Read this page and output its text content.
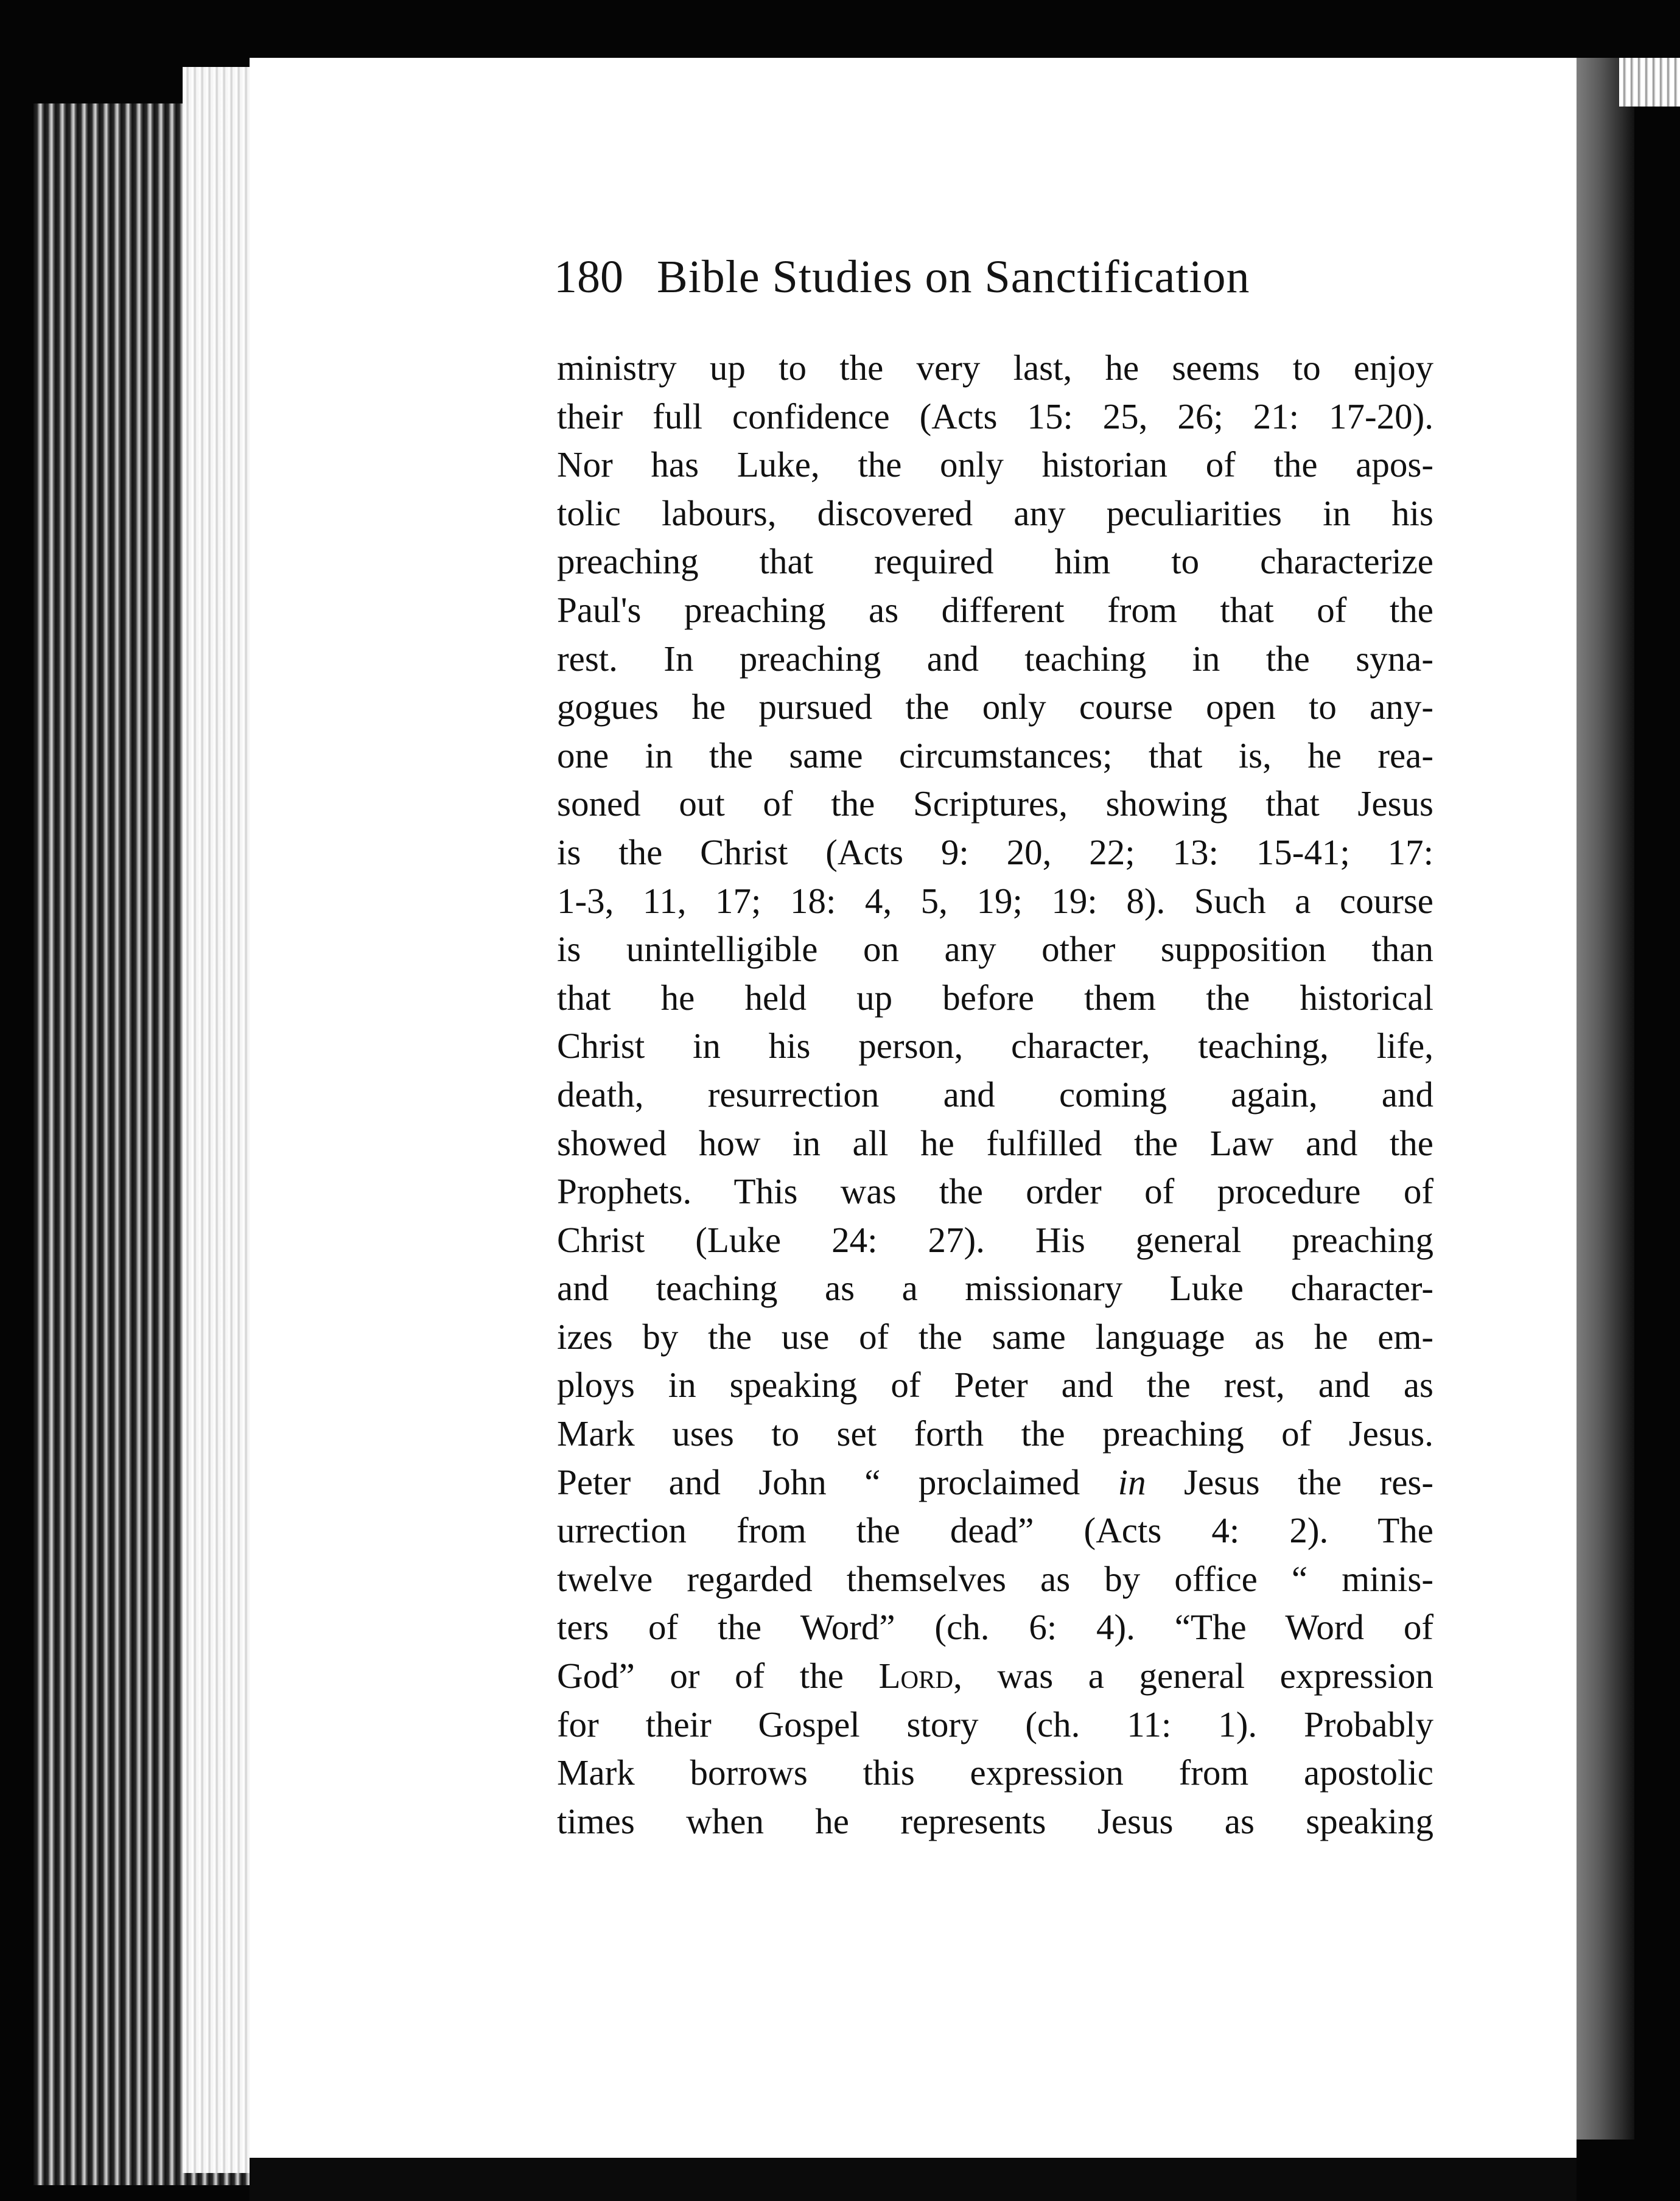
180 Bible Studies on Sanctification
ministry up to the very last, he seems to enjoy
their full confidence (Acts 15: 25, 26; 21: 17-20).
Nor has Luke, the only historian of the apos-
tolic labours, discovered any peculiarities in his
preaching that required him to characterize
Paul's preaching as different from that of the
rest. In preaching and teaching in the syna-
gogues he pursued the only course open to any-
one in the same circumstances; that is, he rea-
soned out of the Scriptures, showing that Jesus
is the Christ (Acts 9: 20, 22; 13: 15-41; 17:
1-3, 11, 17; 18: 4, 5, 19; 19: 8). Such a course
is unintelligible on any other supposition than
that he held up before them the historical
Christ in his person, character, teaching, life,
death, resurrection and coming again, and
showed how in all he fulfilled the Law and the
Prophets. This was the order of procedure of
Christ (Luke 24: 27). His general preaching
and teaching as a missionary Luke character-
izes by the use of the same language as he em-
ploys in speaking of Peter and the rest, and as
Mark uses to set forth the preaching of Jesus.
Peter and John “ proclaimed in Jesus the res-
urrection from the dead” (Acts 4: 2). The
twelve regarded themselves as by office “ minis-
ters of the Word” (ch. 6: 4). “The Word of
God” or of the Lord, was a general expression
for their Gospel story (ch. 11: 1). Probably
Mark borrows this expression from apostolic
times when he represents Jesus as speaking
